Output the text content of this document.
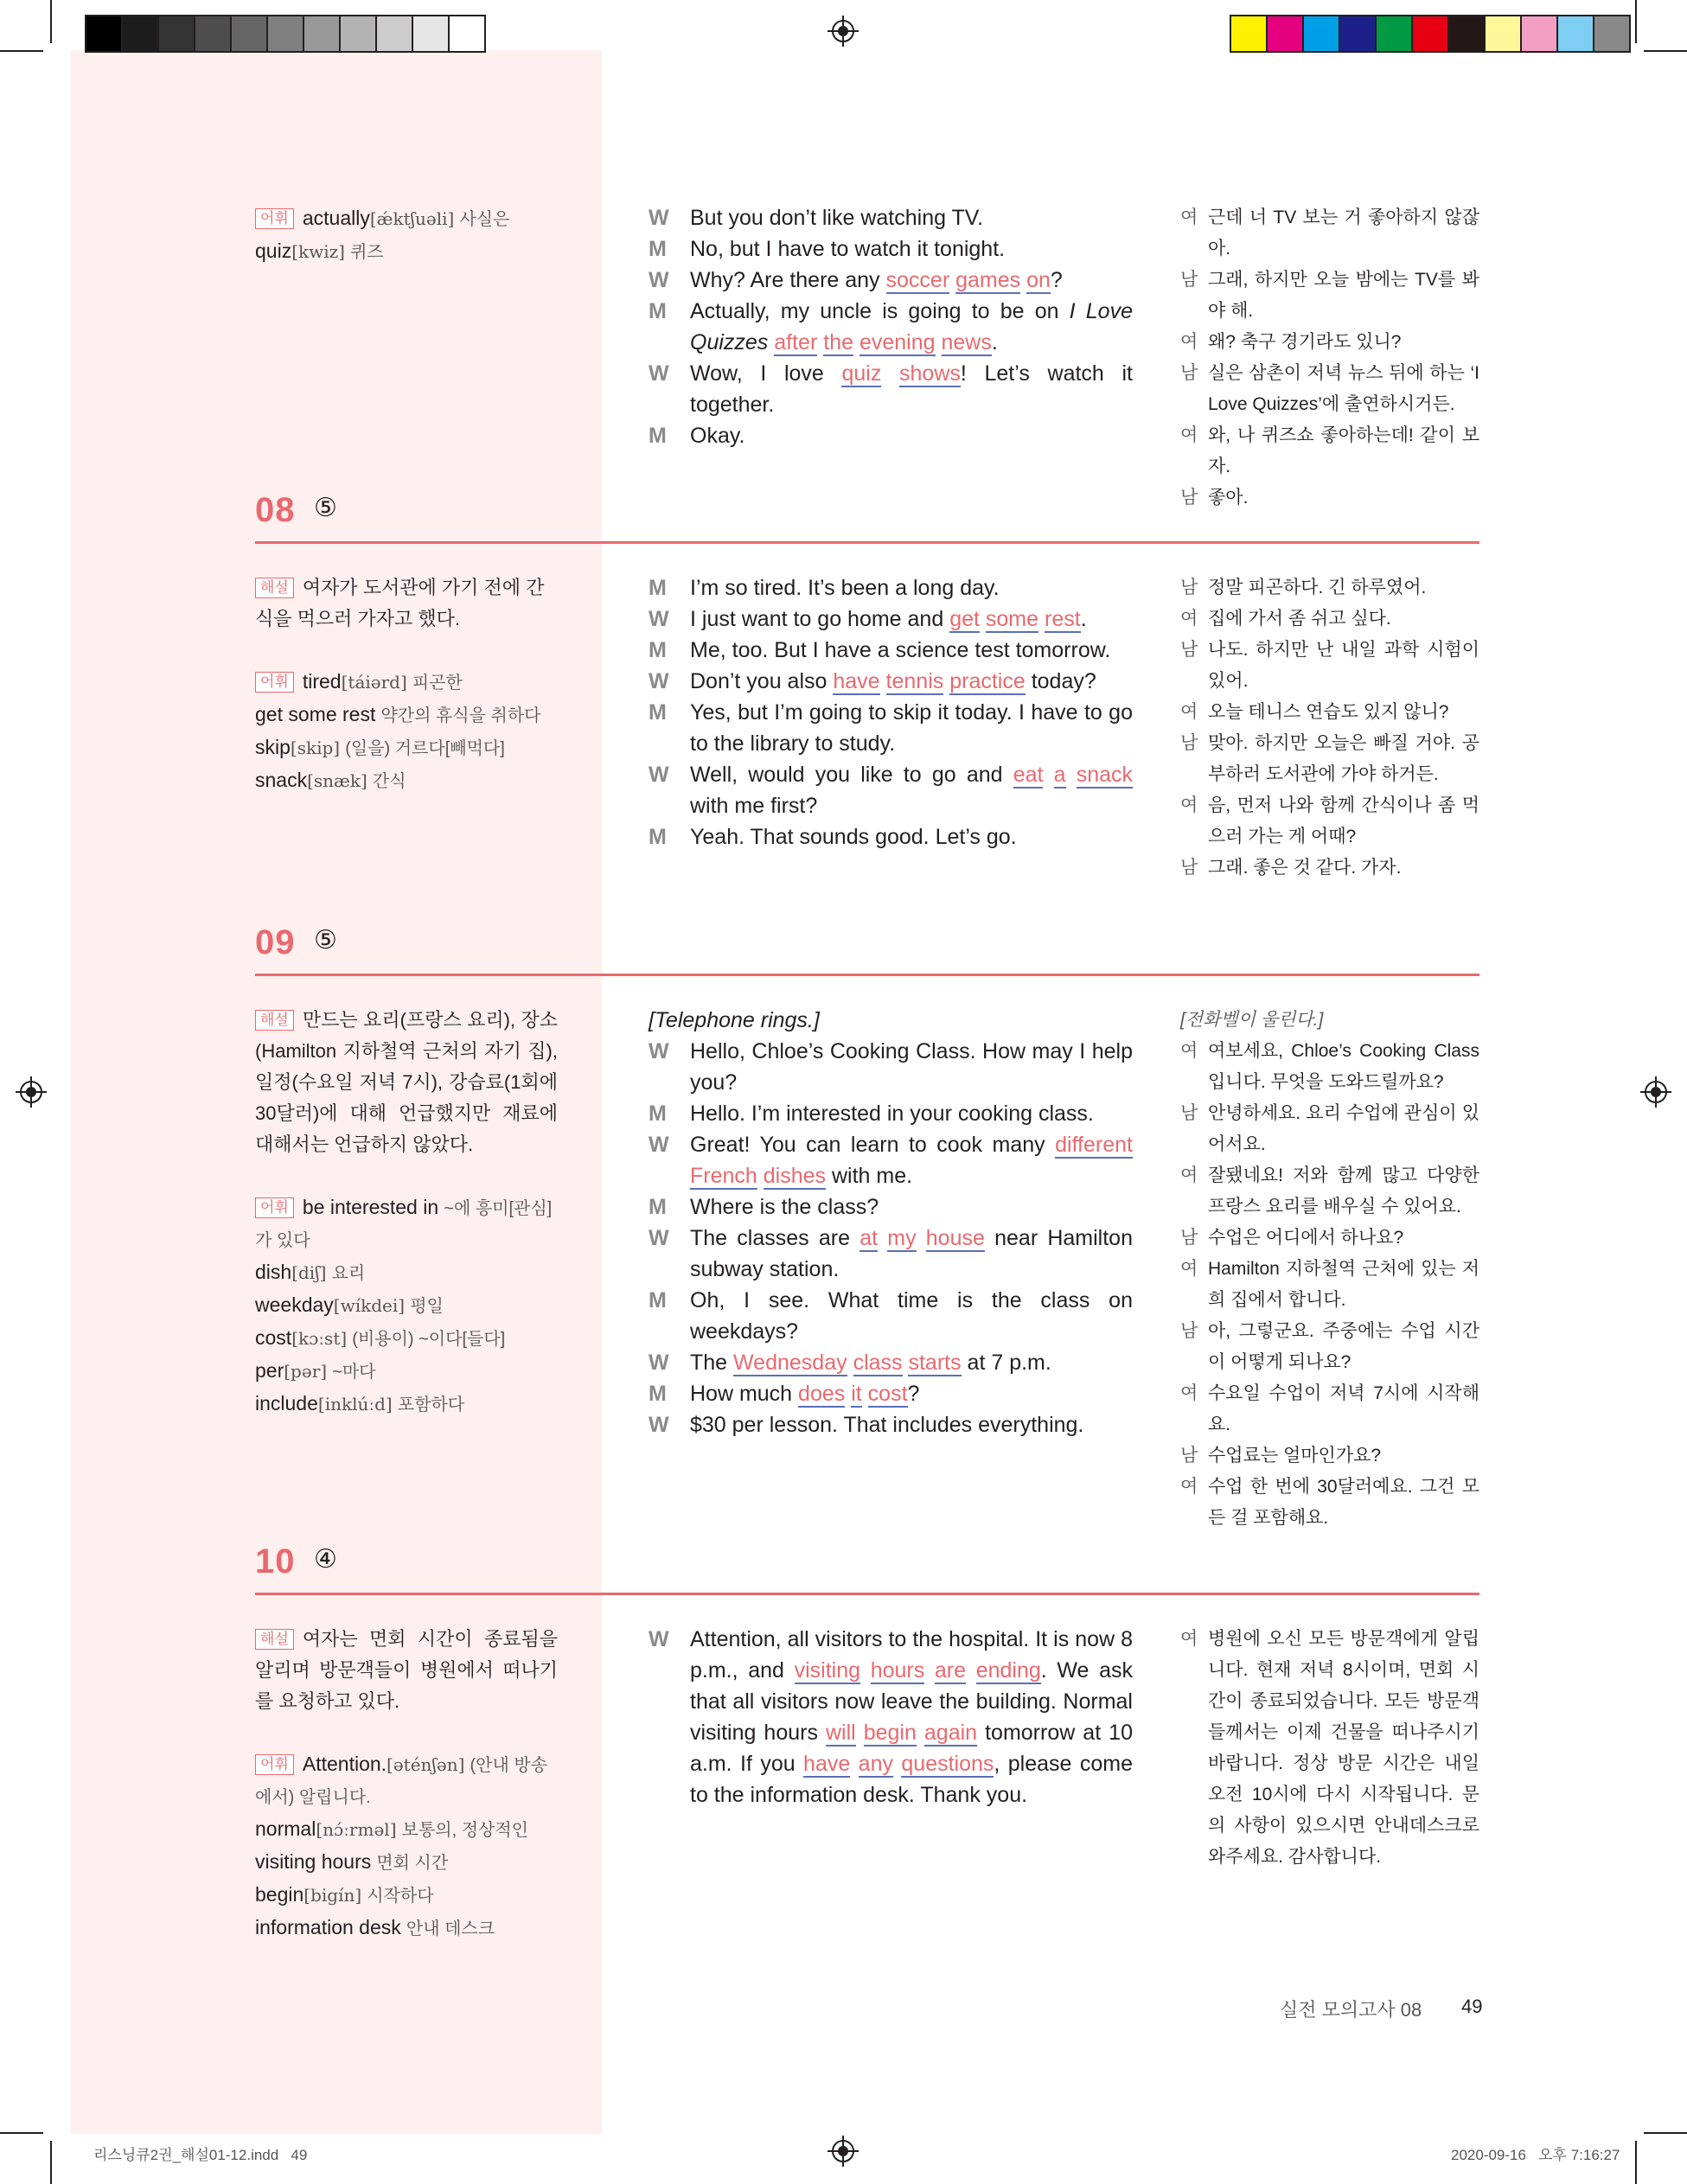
어휘 actually[ǽktʃuəli] 사실은
quiz[kwiz] 퀴즈
W But you don’t like watching TV.
M	No, but I have to watch it tonight.
W Why? Are there any soccer games on?
M	Actually, my uncle is going to be on I Love Quizzes after the evening news.
W Wow, I love quiz shows! Let’s watch it together.
M	Okay.
여 근데 너 TV 보는 거 좋아하지 않잖아.
남 그래, 하지만 오늘 밤에는 TV를 봐야 해.
여 왜? 축구 경기라도 있니?
남 실은 삼촌이 저녁 뉴스 뒤에 하는 ‘I Love Quizzes’에 출연하시거든.
여 와, 나 퀴즈쇼 좋아하는데! 같이 보자.
남 좋아.
08 ⑤
해설 여자가 도서관에 가기 전에 간식을 먹으러 가자고 했다.
어휘 tired[táiərd] 피곤한
get some rest 약간의 휴식을 취하다
skip[skip] (일을) 거르다[빼먹다]
snack[snæk] 간식
M	I’m so tired. It’s been a long day.
W I just want to go home and get some rest.
M	Me, too. But I have a science test tomorrow.
W Don’t you also have tennis practice today?
M	Yes, but I’m going to skip it today. I have to go to the library to study.
W Well, would you like to go and eat a snack with me first?
M	Yeah. That sounds good. Let’s go.
남 정말 피곤하다. 긴 하루였어.
여 집에 가서 좀 쉬고 싶다.
남 나도. 하지만 난 내일 과학 시험이 있어.
여 오늘 테니스 연습도 있지 않니?
남 맞아. 하지만 오늘은 빠질 거야. 공부하러 도서관에 가야 하거든.
여 음, 먼저 나와 함께 간식이나 좀 먹으러 가는 게 어때?
남 그래. 좋은 것 같다. 가자.
09 ⑤
해설 만드는 요리(프랑스 요리), 장소(Hamilton 지하철역 근처의 자기 집), 일정(수요일 저녁 7시), 강습료(1회에 30달러)에 대해 언급했지만 재료에 대해서는 언급하지 않았다.
어휘 be interested in ~에 흥미[관심]가 있다
dish[diʃ] 요리
weekday[wíkdei] 평일
cost[kɔːst] (비용이) ~이다[들다]
per[pər] ~마다
include[inklúːd] 포함하다
[Telephone rings.]
W Hello, Chloe’s Cooking Class. How may I help you?
M	Hello. I’m interested in your cooking class.
W Great! You can learn to cook many different French dishes with me.
M	Where is the class?
W The classes are at my house near Hamilton subway station.
M	Oh, I see. What time is the class on weekdays?
W The Wednesday class starts at 7 p.m.
M	How much does it cost?
W $30 per lesson. That includes everything.
[전화벨이 울린다.]
여 여보세요, Chloe’s Cooking Class입니다. 무엇을 도와드릴까요?
남 안녕하세요. 요리 수업에 관심이 있어서요.
여 잘됐네요! 저와 함께 많고 다양한 프랑스 요리를 배우실 수 있어요.
남 수업은 어디에서 하나요?
여 Hamilton 지하철역 근처에 있는 저희 집에서 합니다.
남 아, 그렇군요. 주중에는 수업 시간이 어떻게 되나요?
여 수요일 수업이 저녁 7시에 시작해요.
남 수업료는 얼마인가요?
여 수업 한 번에 30달러예요. 그건 모든 걸 포함해요.
10 ④
해설 여자는 면회 시간이 종료됨을 알리며 방문객들이 병원에서 떠나기를 요청하고 있다.
어휘 Attention.[əténʃən] (안내 방송에서) 알립니다.
normal[nɔ́ːrməl] 보통의, 정상적인
visiting hours 면회 시간
begin[bigín] 시작하다
information desk 안내 데스크
W Attention, all visitors to the hospital. It is now 8 p.m., and visiting hours are ending. We ask that all visitors now leave the building. Normal visiting hours will begin again tomorrow at 10 a.m. If you have any questions, please come to the information desk. Thank you.
여 병원에 오신 모든 방문객에게 알립니다. 현재 저녁 8시이며, 면회 시간이 종료되었습니다. 모든 방문객들께서는 이제 건물을 떠나주시기 바랍니다. 정상 방문 시간은 내일 오전 10시에 다시 시작됩니다. 문의 사항이 있으시면 안내데스크로 와주세요. 감사합니다.
실전 모의고사 08 49
리스닝큐2권_해설01-12.indd   49	2020-09-16   오후 7:16:27
